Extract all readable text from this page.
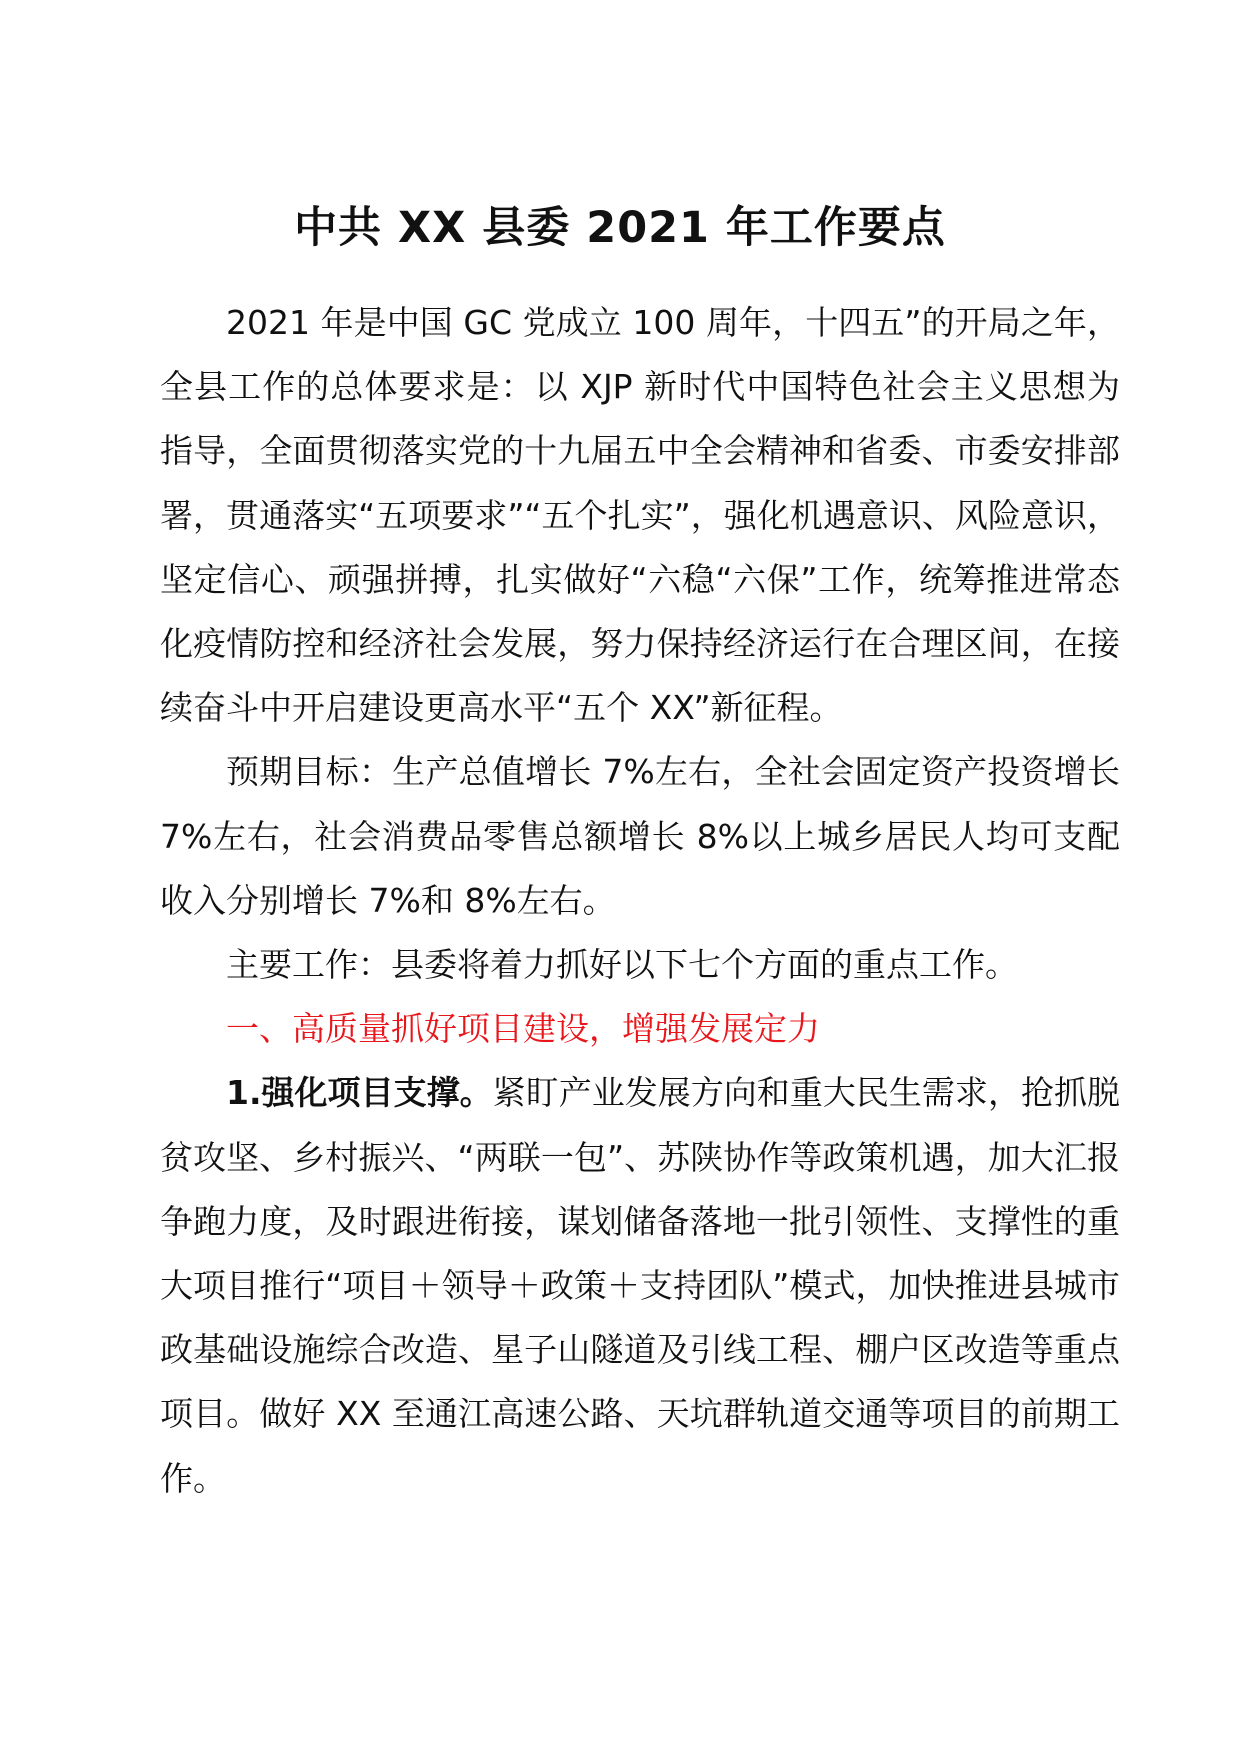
中共 XX 县委 2021 年工作要点

2021 年是中国 GC 党成立 100 周年，十四五”的开局之年，全县工作的总体要求是：以 XJP 新时代中国特色社会主义思想为指导，全面贯彻落实党的十九届五中全会精神和省委、市委安排部署，贯通落实“五项要求”“五个扎实”，强化机遇意识、风险意识，坚定信心、顽强拼搏，扎实做好“六稳“六保”工作，统筹推进常态化疫情防控和经济社会发展，努力保持经济运行在合理区间，在接续奋斗中开启建设更高水平“五个 XX”新征程。

预期目标：生产总值增长 7%左右，全社会固定资产投资增长 7%左右，社会消费品零售总额增长 8%以上城乡居民人均可支配收入分别增长 7%和 8%左右。

主要工作：县委将着力抓好以下七个方面的重点工作。

一、高质量抓好项目建设，增强发展定力

1.强化项目支撑。紧盯产业发展方向和重大民生需求，抢抓脱贫攻坚、乡村振兴、“两联一包”、苏陕协作等政策机遇，加大汇报争跑力度，及时跟进衔接，谋划储备落地一批引领性、支撑性的重大项目推行“项目＋领导＋政策＋支持团队”模式，加快推进县城市政基础设施综合改造、星子山隧道及引线工程、棚户区改造等重点项目。做好 XX 至通江高速公路、天坑群轨道交通等项目的前期工作。
